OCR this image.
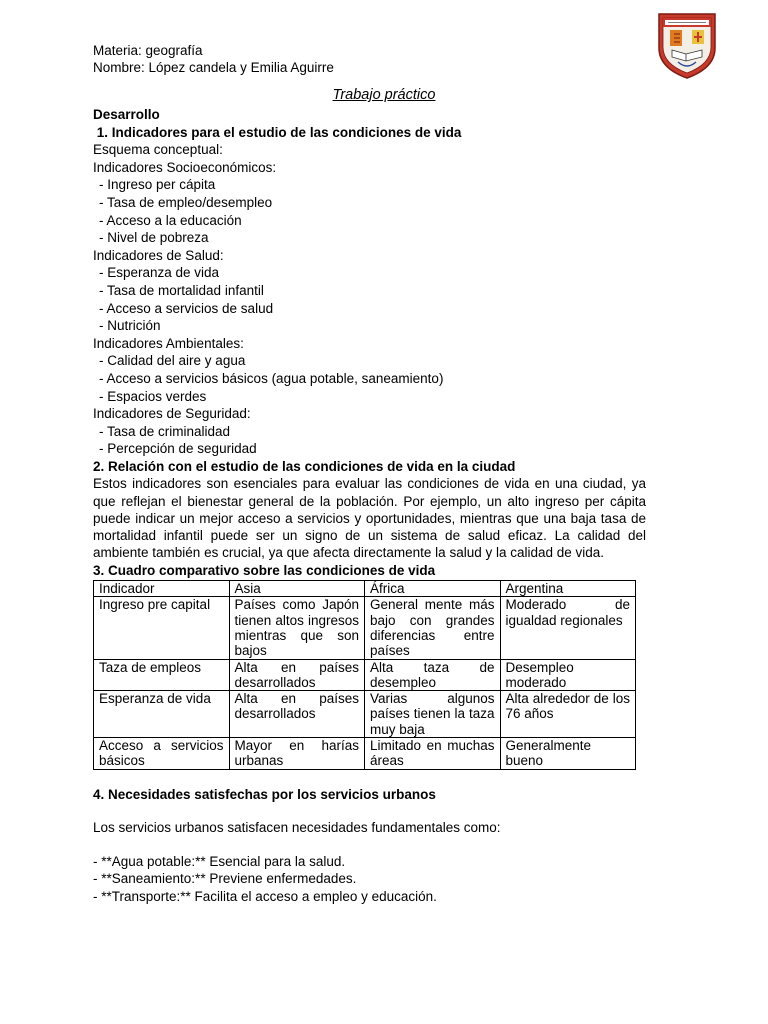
Materia: geografía
Nombre: López candela y Emilia Aguirre
Trabajo práctico
Desarrollo
1. Indicadores para el estudio de las condiciones de vida
Esquema conceptual:
Indicadores Socioeconómicos:
- Ingreso per cápita
- Tasa de empleo/desempleo
- Acceso a la educación
- Nivel de pobreza
Indicadores de Salud:
- Esperanza de vida
- Tasa de mortalidad infantil
- Acceso a servicios de salud
- Nutrición
Indicadores Ambientales:
- Calidad del aire y agua
- Acceso a servicios básicos (agua potable, saneamiento)
- Espacios verdes
Indicadores de Seguridad:
- Tasa de criminalidad
- Percepción de seguridad
2. Relación con el estudio de las condiciones de vida en la ciudad
Estos indicadores son esenciales para evaluar las condiciones de vida en una ciudad, ya que reflejan el bienestar general de la población. Por ejemplo, un alto ingreso per cápita puede indicar un mejor acceso a servicios y oportunidades, mientras que una baja tasa de mortalidad infantil puede ser un signo de un sistema de salud eficaz. La calidad del ambiente también es crucial, ya que afecta directamente la salud y la calidad de vida.
3. Cuadro comparativo sobre las condiciones de vida
Indicador	Asia	África	Argentina
Ingreso pre capital	Países como Japón tienen altos ingresos mientras que son bajos	General mente más bajo con grandes diferencias entre países	Moderado de igualdad regionales
Taza de empleos	Alta en países desarrollados	Alta taza de desempleo	Desempleo moderado
Esperanza de vida	Alta en países desarrollados	Varias algunos países tienen la taza muy baja	Alta alrededor de los 76 años
Acceso a servicios básicos	Mayor en harías urbanas	Limitado en muchas áreas	Generalmente bueno
4. Necesidades satisfechas por los servicios urbanos
Los servicios urbanos satisfacen necesidades fundamentales como:
- **Agua potable:** Esencial para la salud.
- **Saneamiento:** Previene enfermedades.
- **Transporte:** Facilita el acceso a empleo y educación.
